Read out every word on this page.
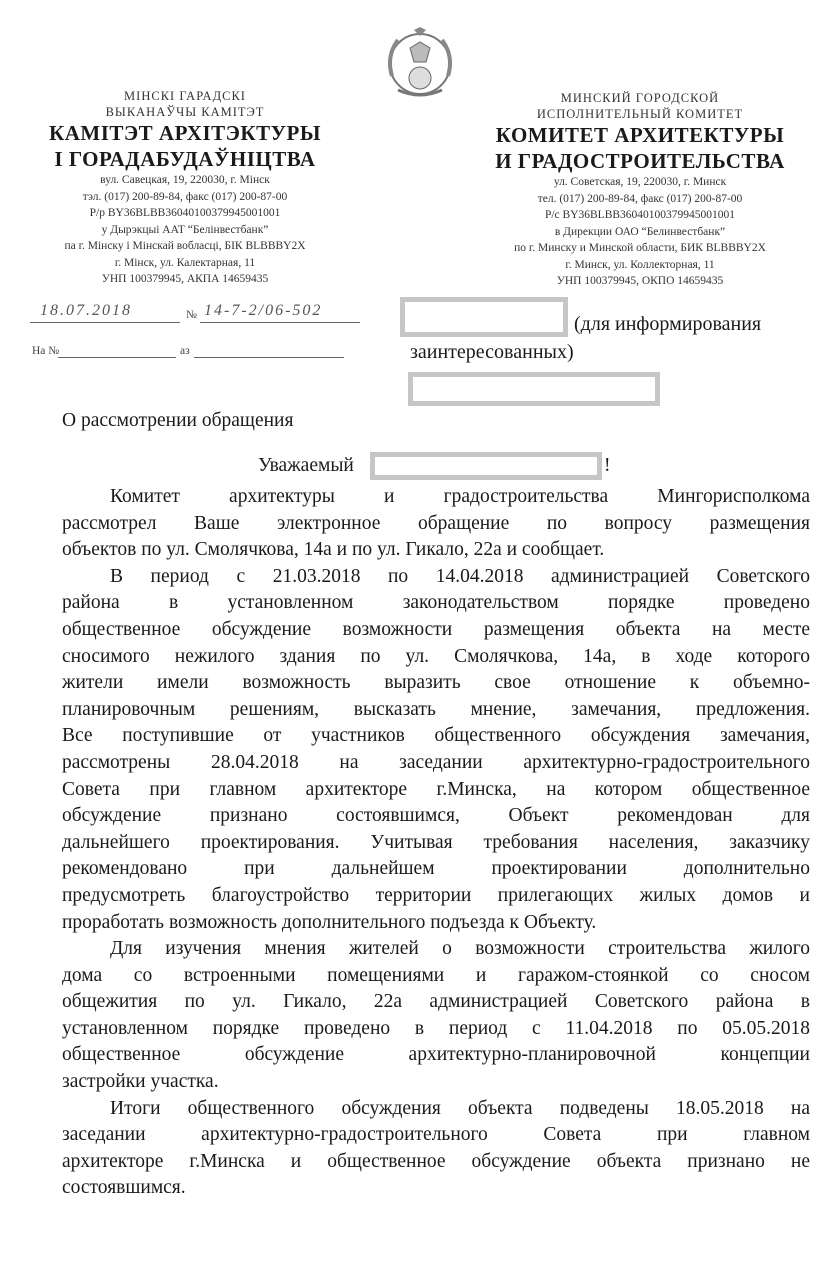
МІНСКІ ГАРАДСКІ
ВЫКАНАЎЧЫ КАМІТЭТ
КАМІТЭТ АРХІТЭКТУРЫ
І ГОРАДАБУДАЎНІЦТВА
вул. Савецкая, 19, 220030, г. Мінск
тэл. (017) 200-89-84, факс (017) 200-87-00
Р/р BY36BLBB36040100379945001001
у Дырэкцыі ААТ “Белінвестбанк”
па г. Мінску і Мінскай вобласці, БІК BLBBBY2X
г. Мінск, ул. Калектарная, 11
УНП 100379945, АКПА 14659435
МИНСКИЙ ГОРОДСКОЙ
ИСПОЛНИТЕЛЬНЫЙ КОМИТЕТ
КОМИТЕТ АРХИТЕКТУРЫ
И ГРАДОСТРОИТЕЛЬСТВА
ул. Советская, 19, 220030, г. Минск
тел. (017) 200-89-84, факс (017) 200-87-00
Р/с BY36BLBB36040100379945001001
в Дирекции ОАО “Белинвестбанк”
по г. Минску и Минской области, БИК BLBBBY2X
г. Минск, ул. Коллекторная, 11
УНП 100379945, ОКПО 14659435
18.07.2018	№ 14-7-2/06-502
На №	аз
(для информирования
заинтересованных)
О рассмотрении обращения
Уважаемый	!
Комитет архитектуры и градостроительства Мингорисполкома
рассмотрел Ваше электронное обращение по вопросу размещения
объектов по ул. Смолячкова, 14а и по ул. Гикало, 22а и сообщает.
В период с 21.03.2018 по 14.04.2018 администрацией Советского
района в установленном законодательством порядке проведено
общественное обсуждение возможности размещения объекта на месте
сносимого нежилого здания по ул. Смолячкова, 14а, в ходе которого
жители имели возможность выразить свое отношение к объемно-
планировочным решениям, высказать мнение, замечания, предложения.
Все поступившие от участников общественного обсуждения замечания,
рассмотрены 28.04.2018 на заседании архитектурно-градостроительного
Совета при главном архитекторе г.Минска, на котором общественное
обсуждение признано состоявшимся, Объект рекомендован для
дальнейшего проектирования. Учитывая требования населения, заказчику
рекомендовано при дальнейшем проектировании дополнительно
предусмотреть благоустройство территории прилегающих жилых домов и
проработать возможность дополнительного подъезда к Объекту.
Для изучения мнения жителей о возможности строительства жилого
дома со встроенными помещениями и гаражом-стоянкой со сносом
общежития по ул. Гикало, 22а администрацией Советского района в
установленном порядке проведено в период с 11.04.2018 по 05.05.2018
общественное обсуждение архитектурно-планировочной концепции
застройки участка.
Итоги общественного обсуждения объекта подведены 18.05.2018 на
заседании архитектурно-градостроительного Совета при главном
архитекторе г.Минска и общественное обсуждение объекта признано не
состоявшимся.
